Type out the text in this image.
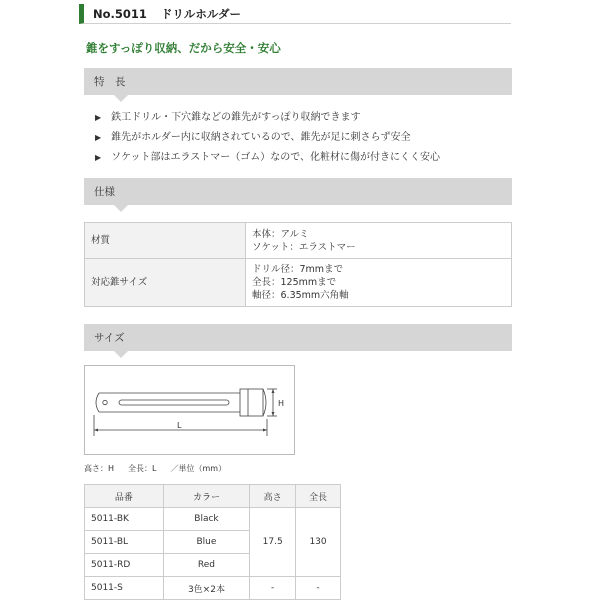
No.5011 ドリルホルダー
錐をすっぽり収納、だから安全・安心
特　長
▶ 鉄工ドリル・下穴錐などの錐先がすっぽり収納できます
▶ 錐先がホルダー内に収納されているので、錐先が足に刺さらず安全
▶ ソケット部はエラストマー（ゴム）なので、化粧材に傷が付きにくく安心
仕様
材質	本体：アルミ
ソケット：エラストマー

対応錐サイズ	ドリル径：7mmまで
全長：125mmまで
軸径：6.35mm六角軸
サイズ
H
L
高さ：H 全長：L ／単位（mm）
品番	カラー	高さ	全長
5011-BK	Black	17.5	130
5011-BL	Blue		
5011-RD	Red		
5011-S	3色×2本	-	-
